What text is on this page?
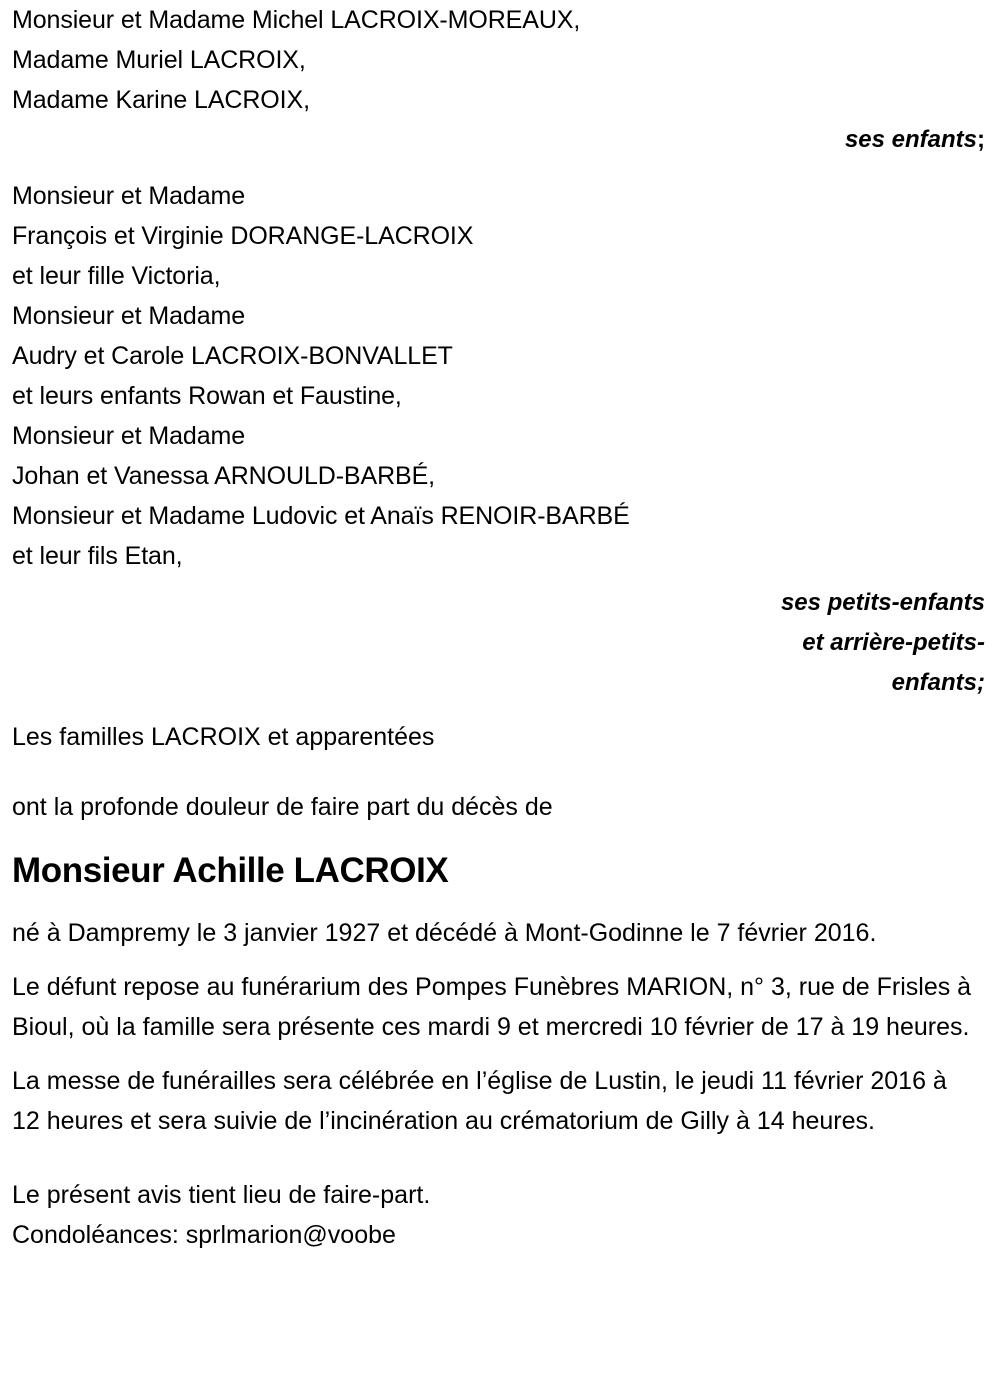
Monsieur et Madame Michel LACROIX-MOREAUX,
Madame Muriel LACROIX,
Madame Karine LACROIX,
ses enfants;
Monsieur et Madame
François et Virginie DORANGE-LACROIX
et leur fille Victoria,
Monsieur et Madame
Audry et Carole LACROIX-BONVALLET
et leurs enfants Rowan et Faustine,
Monsieur et Madame
Johan et Vanessa ARNOULD-BARBÉ,
Monsieur et Madame Ludovic et Anaïs RENOIR-BARBÉ
et leur fils Etan,
ses petits-enfants
et arrière-petits-
enfants;
Les familles LACROIX et apparentées
ont la profonde douleur de faire part du décès de
Monsieur Achille LACROIX

né à Dampremy le 3 janvier 1927 et décédé à Mont-Godinne le 7 février 2016.

Le défunt repose au funérarium des Pompes Funèbres MARION, n° 3, rue de Frisles à Bioul, où la famille sera présente ces mardi 9 et mercredi 10 février de 17 à 19 heures.

La messe de funérailles sera célébrée en l’église de Lustin, le jeudi 11 février 2016 à 12 heures et sera suivie de l’incinération au crématorium de Gilly à 14 heures.

Le présent avis tient lieu de faire-part.
Condoléances: sprlmarion@voobe
